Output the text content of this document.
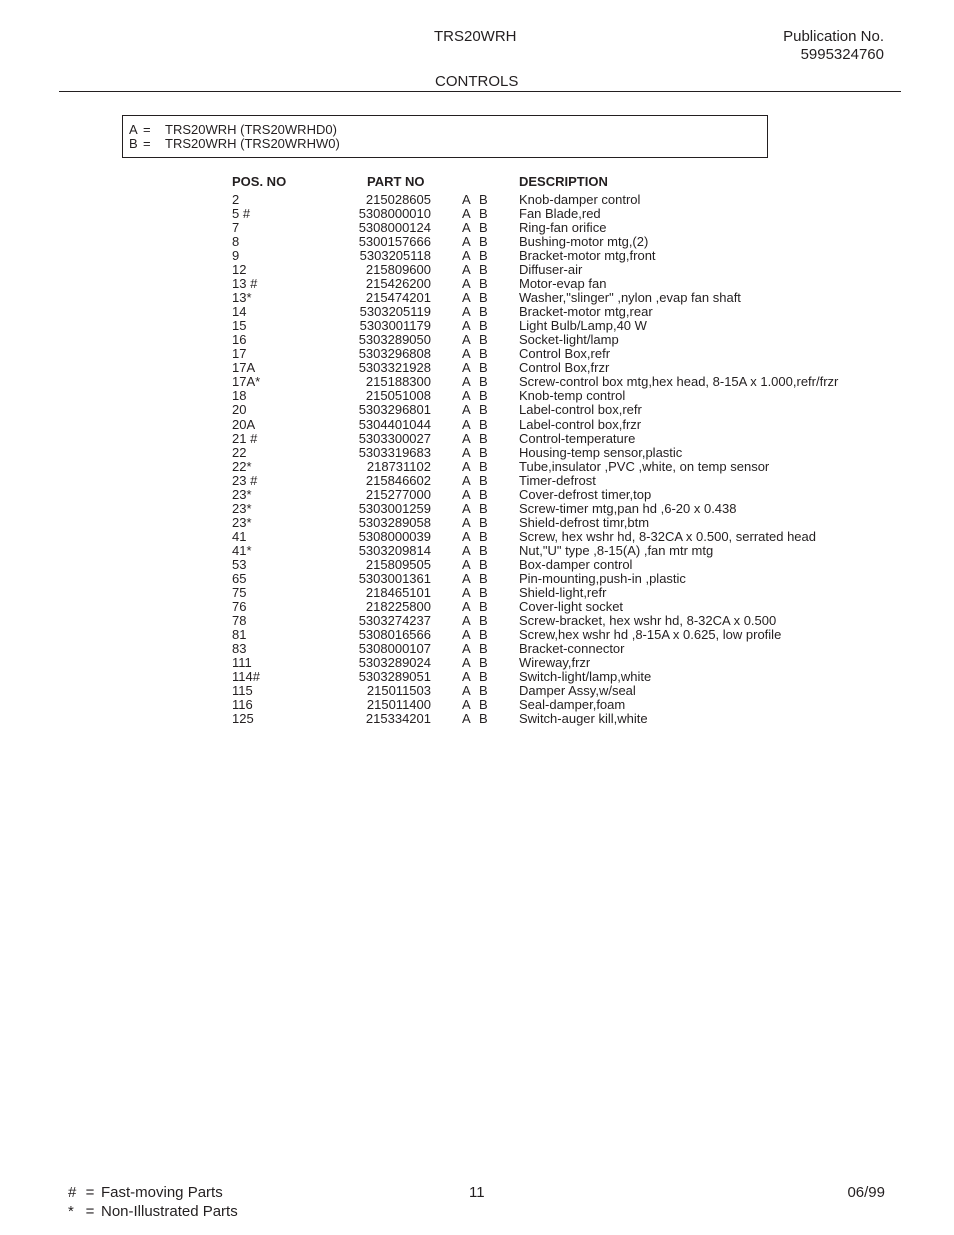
TRS20WRH	Publication No.
5995324760
CONTROLS
A = TRS20WRH (TRS20WRHD0)
B = TRS20WRH (TRS20WRHW0)
POS. NO	PART NO	DESCRIPTION
2	215028605 A B Knob-damper control
5 #	5308000010 A B Fan Blade,red
7	5308000124 A B Ring-fan orifice
8	5300157666 A B Bushing-motor mtg,(2)
9	5303205118 A B Bracket-motor mtg,front
12	215809600 A B Diffuser-air
13 #	215426200 A B Motor-evap fan
13*	215474201 A B Washer,"slinger" ,nylon ,evap fan shaft
14	5303205119 A B Bracket-motor mtg,rear
15	5303001179 A B Light Bulb/Lamp,40 W
16	5303289050 A B Socket-light/lamp
17	5303296808 A B Control Box,refr
17A	5303321928 A B Control Box,frzr
17A*	215188300 A B Screw-control box mtg,hex head, 8-15A x 1.000,refr/frzr
18	215051008 A B Knob-temp control
20	5303296801 A B Label-control box,refr
20A	5304401044 A B Label-control box,frzr
21 #	5303300027 A B Control-temperature
22	5303319683 A B Housing-temp sensor,plastic
22*	218731102 A B Tube,insulator ,PVC ,white, on temp sensor
23 #	215846602 A B Timer-defrost
23*	215277000 A B Cover-defrost timer,top
23*	5303001259 A B Screw-timer mtg,pan hd ,6-20 x 0.438
23*	5303289058 A B Shield-defrost timr,btm
41	5308000039 A B Screw, hex wshr hd, 8-32CA x 0.500, serrated head
41*	5303209814 A B Nut,"U" type ,8-15(A) ,fan mtr mtg
53	215809505 A B Box-damper control
65	5303001361 A B Pin-mounting,push-in ,plastic
75	218465101 A B Shield-light,refr
76	218225800 A B Cover-light socket
78	5303274237 A B Screw-bracket, hex wshr hd, 8-32CA x 0.500
81	5308016566 A B Screw,hex wshr hd ,8-15A x 0.625, low profile
83	5308000107 A B Bracket-connector
111	5303289024 A B Wireway,frzr
114#	5303289051 A B Switch-light/lamp,white
115	215011503 A B Damper Assy,w/seal
116	215011400 A B Seal-damper,foam
125	215334201 A B Switch-auger kill,white
# = Fast-moving Parts
* = Non-Illustrated Parts
11	06/99
